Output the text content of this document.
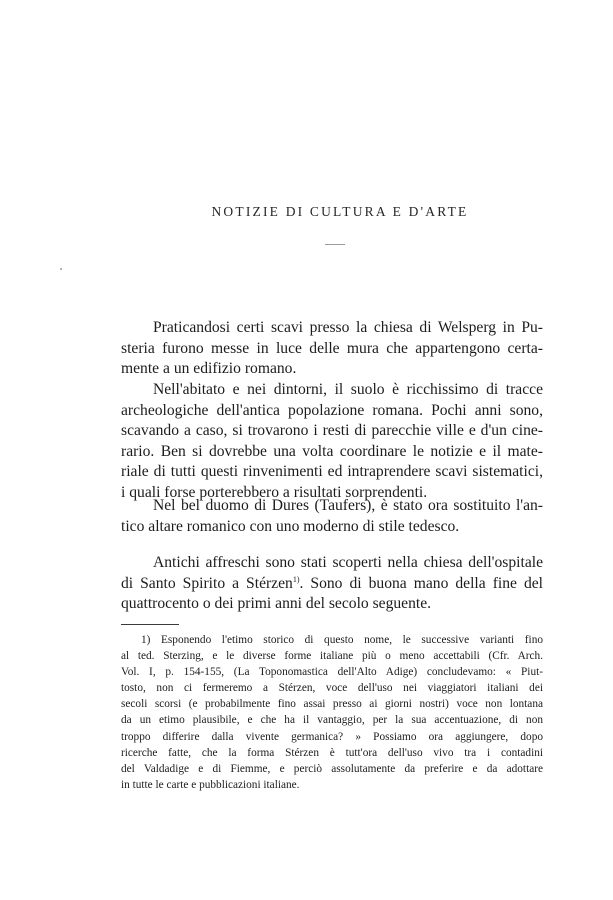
NOTIZIE DI CULTURA E D'ARTE

Praticandosi certi scavi presso la chiesa di Welsperg in Pu-
steria furono messe in luce delle mura che appartengono certa-
mente a un edifizio romano.

Nell'abitato e nei dintorni, il suolo è ricchissimo di tracce
archeologiche dell'antica popolazione romana. Pochi anni sono,
scavando a caso, si trovarono i resti di parecchie ville e d'un cine-
rario. Ben si dovrebbe una volta coordinare le notizie e il mate-
riale di tutti questi rinvenimenti ed intraprendere scavi sistematici,
i quali forse porterebbero a risultati sorprendenti.

Nel bel duomo di Dures (Taufers), è stato ora sostituito l'an-
tico altare romanico con uno moderno di stile tedesco.

Antichi affreschi sono stati scoperti nella chiesa dell'ospitale
di Santo Spirito a Stérzen$^{1)}$. Sono di buona mano della fine del
quattrocento o dei primi anni del secolo seguente.

1) Esponendo l'etimo storico di questo nome, le successive varianti fino
al ted. Sterzing, e le diverse forme italiane più o meno accettabili (Cfr. Arch.
Vol. I, p. 154-155, (La Toponomastica dell'Alto Adige) concludevamo: « Piut-
tosto, non ci fermeremo a Stérzen, voce dell'uso nei viaggiatori italiani dei
secoli scorsi (e probabilmente fino assai presso ai giorni nostri) voce non lontana
da un etimo plausibile, e che ha il vantaggio, per la sua accentuazione, di non
troppo differire dalla vivente germanica? » Possiamo ora aggiungere, dopo
ricerche fatte, che la forma Stérzen è tutt'ora dell'uso vivo tra i contadini
del Valdadige e di Fiemme, e perciò assolutamente da preferire e da adottare
in tutte le carte e pubblicazioni italiane.
